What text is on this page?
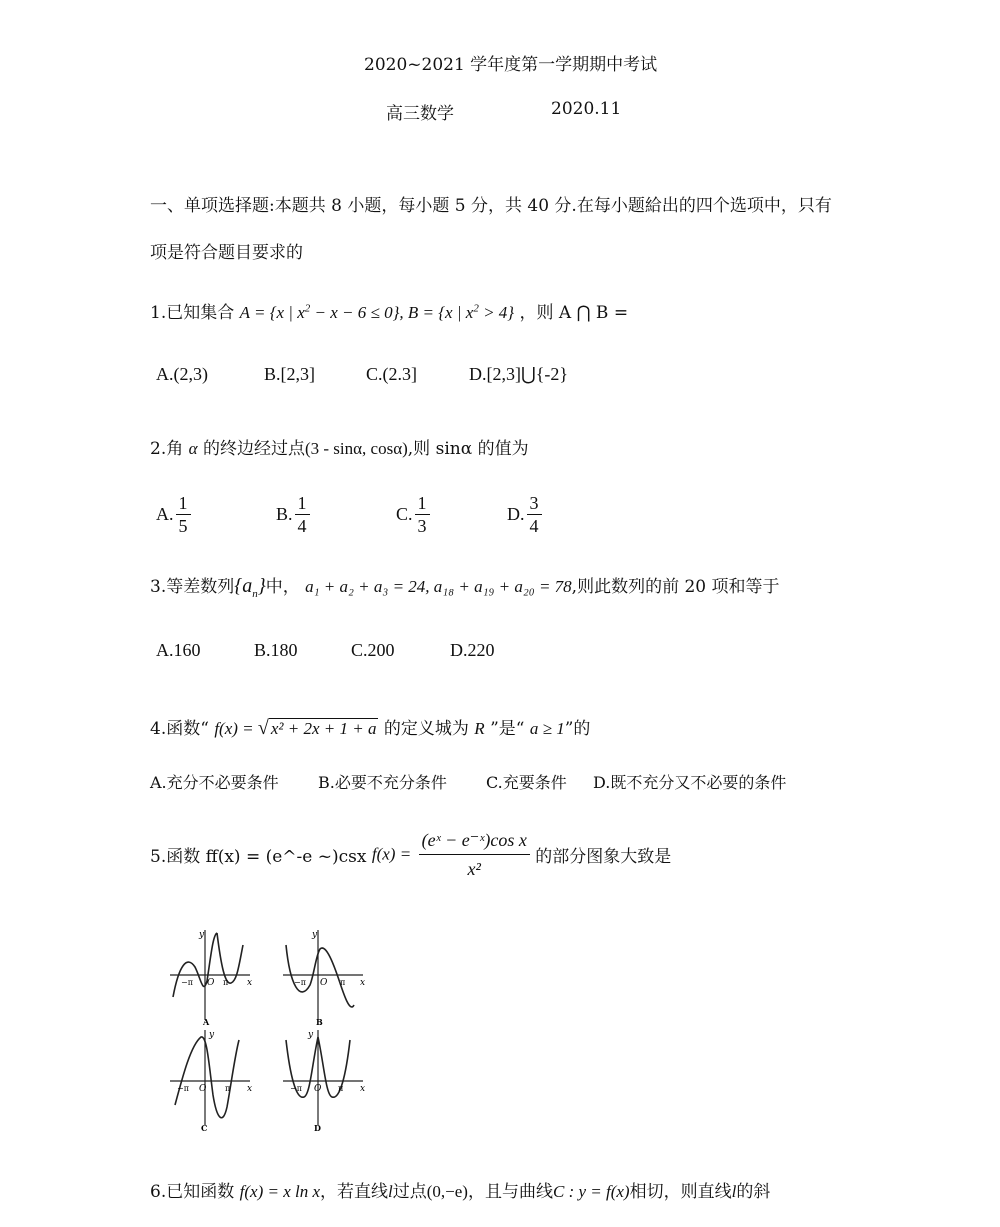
2020~2021 学年度第一学期期中考试
高三数学	2020.11
一、单项选择题:本题共 8 小题，每小题 5 分，共 40 分.在每小题給出的四个选项中，只有
项是符合题目要求的
1.已知集合 A = {x | $x^2 - x - 6 \le 0$}, B = {x | $x^2 > 4$} ，则 A ⋂ B =
A.(2,3)	B.[2,3]	C.(2.3]	D.[2,3]⋃{-2}
2.角 α 的终边经过点(3 - sinα, cosα),则 sinα 的值为
A. $\frac{1}{5}$	B. $\frac{1}{4}$	C. $\frac{1}{3}$	D. $\frac{3}{4}$
3.等差数列$\{a_n\}$中， a₁ + a₂ + a₃ = 24, a₁₈ + a₁₉ + a₂₀ = 78,则此数列的前 20 项和等于
A.160	B.180	C.200	D.220
4.函数“ f(x) = √ x² + 2x + 1 + a 的定义城为 R ”是“ a ≥ 1”的
A.充分不必要条件 B.必要不充分条件 C.充要条件 D.既不充分又不必要的条件
5.函数 ff(x) = (e^-e ~)csx $f(x) = \frac{\text{(eˣ − e⁻ˣ)cos x}}{\text{x²}}$ 的部分图象大致是
y
x
O
−π	π
A
y
x
O
−π	π
B
y
x
O
−π	π
C
y
x
O
−π	π
D
6.已知函数 f(x) = x ln x，若直线l过点(0,−e)，且与曲线C : y = f(x)相切，则直线l的斜
